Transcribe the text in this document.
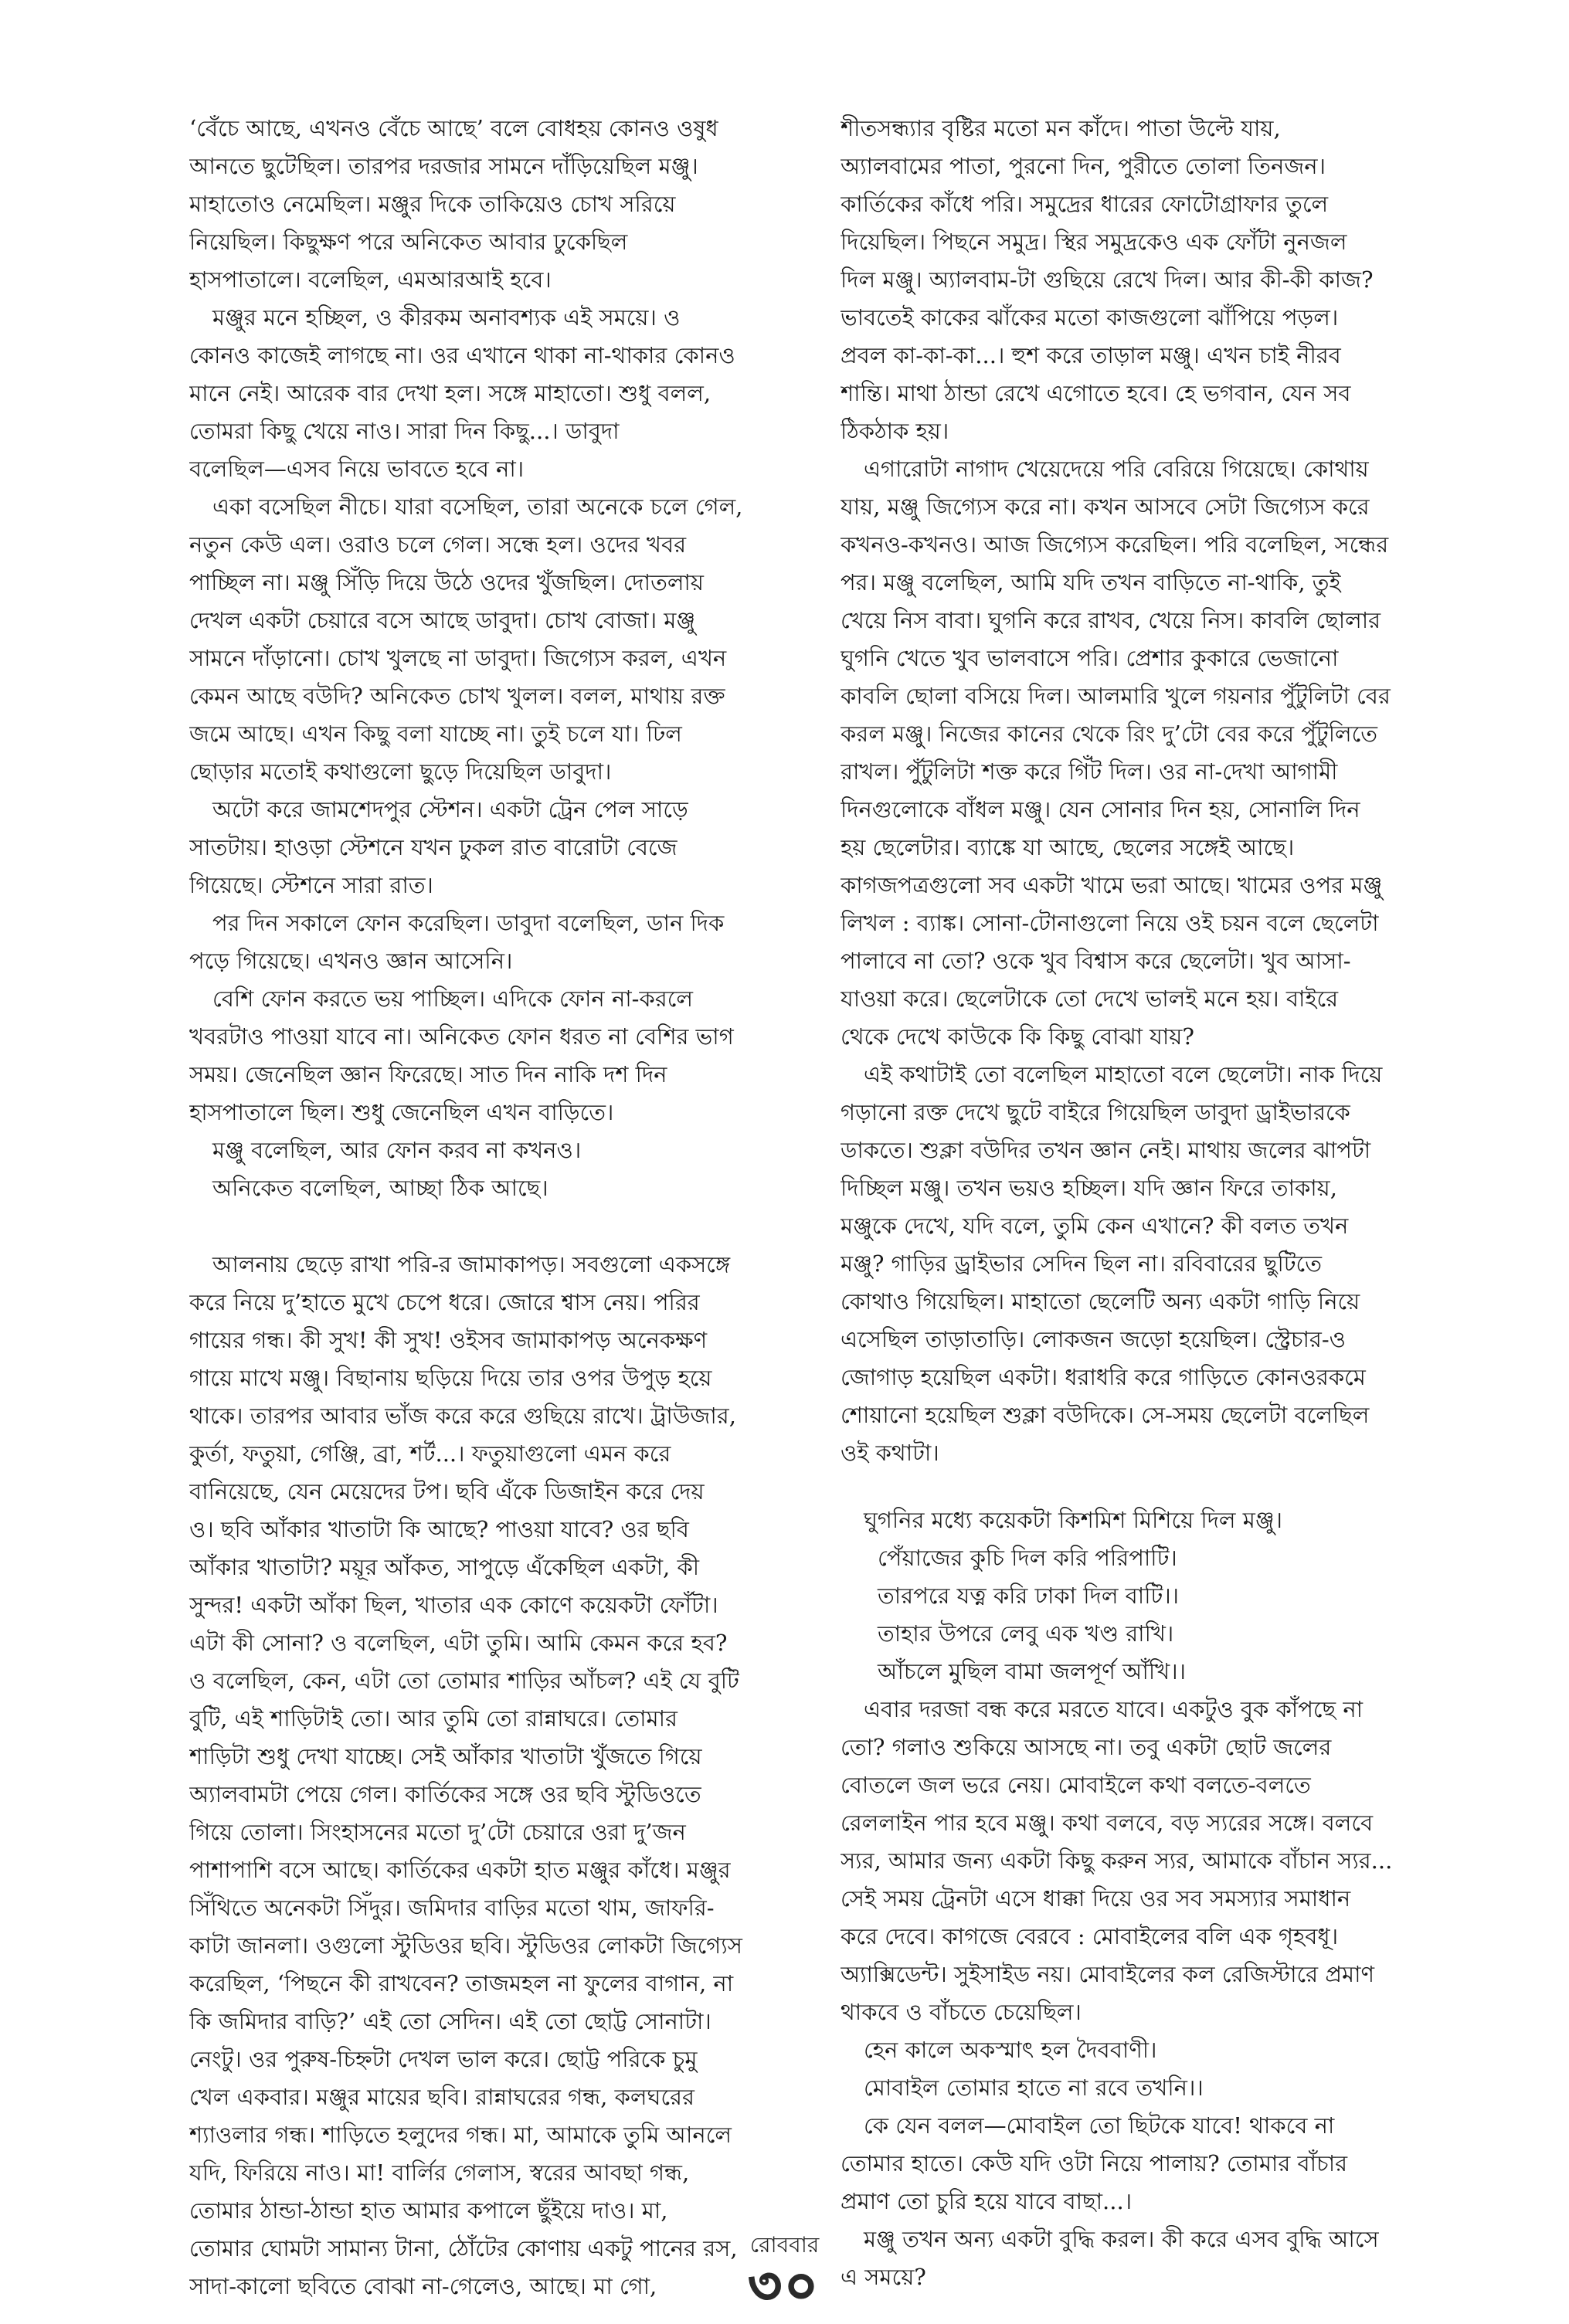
‘বেঁচে আছে, এখনও বেঁচে আছে’ বলে বোধহয় কোনও ওষুধ
আনতে ছুটেছিল। তারপর দরজার সামনে দাঁড়িয়েছিল মঞ্জু।
মাহাতোও নেমেছিল। মঞ্জুর দিকে তাকিয়েও চোখ সরিয়ে
নিয়েছিল। কিছুক্ষণ পরে অনিকেত আবার ঢুকেছিল
হাসপাতালে। বলেছিল, এমআরআই হবে।
মঞ্জুর মনে হচ্ছিল, ও কীরকম অনাবশ্যক এই সময়ে। ও
কোনও কাজেই লাগছে না। ওর এখানে থাকা না-থাকার কোনও
মানে নেই। আরেক বার দেখা হল। সঙ্গে মাহাতো। শুধু বলল,
তোমরা কিছু খেয়ে নাও। সারা দিন কিছু...। ডাবুদা
বলেছিল—এসব নিয়ে ভাবতে হবে না।
একা বসেছিল নীচে। যারা বসেছিল, তারা অনেকে চলে গেল,
নতুন কেউ এল। ওরাও চলে গেল। সন্ধে হল। ওদের খবর
পাচ্ছিল না। মঞ্জু সিঁড়ি দিয়ে উঠে ওদের খুঁজছিল। দোতলায়
দেখল একটা চেয়ারে বসে আছে ডাবুদা। চোখ বোজা। মঞ্জু
সামনে দাঁড়ানো। চোখ খুলছে না ডাবুদা। জিগ্যেস করল, এখন
কেমন আছে বউদি? অনিকেত চোখ খুলল। বলল, মাথায় রক্ত
জমে আছে। এখন কিছু বলা যাচ্ছে না। তুই চলে যা। ঢিল
ছোড়ার মতোই কথাগুলো ছুড়ে দিয়েছিল ডাবুদা।
অটো করে জামশেদপুর স্টেশন। একটা ট্রেন পেল সাড়ে
সাতটায়। হাওড়া স্টেশনে যখন ঢুকল রাত বারোটা বেজে
গিয়েছে। স্টেশনে সারা রাত।
পর দিন সকালে ফোন করেছিল। ডাবুদা বলেছিল, ডান দিক
পড়ে গিয়েছে। এখনও জ্ঞান আসেনি।
বেশি ফোন করতে ভয় পাচ্ছিল। এদিকে ফোন না-করলে
খবরটাও পাওয়া যাবে না। অনিকেত ফোন ধরত না বেশির ভাগ
সময়। জেনেছিল জ্ঞান ফিরেছে। সাত দিন নাকি দশ দিন
হাসপাতালে ছিল। শুধু জেনেছিল এখন বাড়িতে।
মঞ্জু বলেছিল, আর ফোন করব না কখনও।
অনিকেত বলেছিল, আচ্ছা ঠিক আছে।
আলনায় ছেড়ে রাখা পরি-র জামাকাপড়। সবগুলো একসঙ্গে
করে নিয়ে দু’হাতে মুখে চেপে ধরে। জোরে শ্বাস নেয়। পরির
গায়ের গন্ধ। কী সুখ! কী সুখ! ওইসব জামাকাপড় অনেকক্ষণ
গায়ে মাখে মঞ্জু। বিছানায় ছড়িয়ে দিয়ে তার ওপর উপুড় হয়ে
থাকে। তারপর আবার ভাঁজ করে করে গুছিয়ে রাখে। ট্রাউজার,
কুর্তা, ফতুয়া, গেঞ্জি, ব্রা, শর্ট...। ফতুয়াগুলো এমন করে
বানিয়েছে, যেন মেয়েদের টপ। ছবি এঁকে ডিজাইন করে দেয়
ও। ছবি আঁকার খাতাটা কি আছে? পাওয়া যাবে? ওর ছবি
আঁকার খাতাটা? ময়ূর আঁকত, সাপুড়ে এঁকেছিল একটা, কী
সুন্দর! একটা আঁকা ছিল, খাতার এক কোণে কয়েকটা ফোঁটা।
এটা কী সোনা? ও বলেছিল, এটা তুমি। আমি কেমন করে হব?
ও বলেছিল, কেন, এটা তো তোমার শাড়ির আঁচল? এই যে বুটি
বুটি, এই শাড়িটাই তো। আর তুমি তো রান্নাঘরে। তোমার
শাড়িটা শুধু দেখা যাচ্ছে। সেই আঁকার খাতাটা খুঁজতে গিয়ে
অ্যালবামটা পেয়ে গেল। কার্তিকের সঙ্গে ওর ছবি স্টুডিওতে
গিয়ে তোলা। সিংহাসনের মতো দু’টো চেয়ারে ওরা দু’জন
পাশাপাশি বসে আছে। কার্তিকের একটা হাত মঞ্জুর কাঁধে। মঞ্জুর
সিঁথিতে অনেকটা সিঁদুর। জমিদার বাড়ির মতো থাম, জাফরি-
কাটা জানলা। ওগুলো স্টুডিওর ছবি। স্টুডিওর লোকটা জিগ্যেস
করেছিল, ‘পিছনে কী রাখবেন? তাজমহল না ফুলের বাগান, না
কি জমিদার বাড়ি?’ এই তো সেদিন। এই তো ছোট্ট সোনাটা।
নেংটু। ওর পুরুষ-চিহ্নটা দেখল ভাল করে। ছোট্ট পরিকে চুমু
খেল একবার। মঞ্জুর মায়ের ছবি। রান্নাঘরের গন্ধ, কলঘরের
শ্যাওলার গন্ধ। শাড়িতে হলুদের গন্ধ। মা, আমাকে তুমি আনলে
যদি, ফিরিয়ে নাও। মা! বার্লির গেলাস, স্বরের আবছা গন্ধ,
তোমার ঠান্ডা-ঠান্ডা হাত আমার কপালে ছুঁইয়ে দাও। মা,
তোমার ঘোমটা সামান্য টানা, ঠোঁটের কোণায় একটু পানের রস,
সাদা-কালো ছবিতে বোঝা না-গেলেও, আছে। মা গো,
শীতসন্ধ্যার বৃষ্টির মতো মন কাঁদে। পাতা উল্টে যায়,
অ্যালবামের পাতা, পুরনো দিন, পুরীতে তোলা তিনজন।
কার্তিকের কাঁধে পরি। সমুদ্রের ধারের ফোটোগ্রাফার তুলে
দিয়েছিল। পিছনে সমুদ্র। স্থির সমুদ্রকেও এক ফোঁটা নুনজল
দিল মঞ্জু। অ্যালবাম-টা গুছিয়ে রেখে দিল। আর কী-কী কাজ?
ভাবতেই কাকের ঝাঁকের মতো কাজগুলো ঝাঁপিয়ে পড়ল।
প্রবল কা-কা-কা...। হুশ করে তাড়াল মঞ্জু। এখন চাই নীরব
শান্তি। মাথা ঠান্ডা রেখে এগোতে হবে। হে ভগবান, যেন সব
ঠিকঠাক হয়।
এগারোটা নাগাদ খেয়েদেয়ে পরি বেরিয়ে গিয়েছে। কোথায়
যায়, মঞ্জু জিগ্যেস করে না। কখন আসবে সেটা জিগ্যেস করে
কখনও-কখনও। আজ জিগ্যেস করেছিল। পরি বলেছিল, সন্ধের
পর। মঞ্জু বলেছিল, আমি যদি তখন বাড়িতে না-থাকি, তুই
খেয়ে নিস বাবা। ঘুগনি করে রাখব, খেয়ে নিস। কাবলি ছোলার
ঘুগনি খেতে খুব ভালবাসে পরি। প্রেশার কুকারে ভেজানো
কাবলি ছোলা বসিয়ে দিল। আলমারি খুলে গয়নার পুঁটুলিটা বের
করল মঞ্জু। নিজের কানের থেকে রিং দু’টো বের করে পুঁটুলিতে
রাখল। পুঁটুলিটা শক্ত করে গিঁট দিল। ওর না-দেখা আগামী
দিনগুলোকে বাঁধল মঞ্জু। যেন সোনার দিন হয়, সোনালি দিন
হয় ছেলেটার। ব্যাঙ্কে যা আছে, ছেলের সঙ্গেই আছে।
কাগজপত্রগুলো সব একটা খামে ভরা আছে। খামের ওপর মঞ্জু
লিখল : ব্যাঙ্ক। সোনা-টোনাগুলো নিয়ে ওই চয়ন বলে ছেলেটা
পালাবে না তো? ওকে খুব বিশ্বাস করে ছেলেটা। খুব আসা-
যাওয়া করে। ছেলেটাকে তো দেখে ভালই মনে হয়। বাইরে
থেকে দেখে কাউকে কি কিছু বোঝা যায়?
এই কথাটাই তো বলেছিল মাহাতো বলে ছেলেটা। নাক দিয়ে
গড়ানো রক্ত দেখে ছুটে বাইরে গিয়েছিল ডাবুদা ড্রাইভারকে
ডাকতে। শুক্লা বউদির তখন জ্ঞান নেই। মাথায় জলের ঝাপটা
দিচ্ছিল মঞ্জু। তখন ভয়ও হচ্ছিল। যদি জ্ঞান ফিরে তাকায়,
মঞ্জুকে দেখে, যদি বলে, তুমি কেন এখানে? কী বলত তখন
মঞ্জু? গাড়ির ড্রাইভার সেদিন ছিল না। রবিবারের ছুটিতে
কোথাও গিয়েছিল। মাহাতো ছেলেটি অন্য একটা গাড়ি নিয়ে
এসেছিল তাড়াতাড়ি। লোকজন জড়ো হয়েছিল। স্ট্রেচার-ও
জোগাড় হয়েছিল একটা। ধরাধরি করে গাড়িতে কোনওরকমে
শোয়ানো হয়েছিল শুক্লা বউদিকে। সে-সময় ছেলেটা বলেছিল
ওই কথাটা।
ঘুগনির মধ্যে কয়েকটা কিশমিশ মিশিয়ে দিল মঞ্জু।
পেঁয়াজের কুচি দিল করি পরিপাটি।
তারপরে যত্ন করি ঢাকা দিল বাটি।।
তাহার উপরে লেবু এক খণ্ড রাখি।
আঁচলে মুছিল বামা জলপূর্ণ আঁখি।।
এবার দরজা বন্ধ করে মরতে যাবে। একটুও বুক কাঁপছে না
তো? গলাও শুকিয়ে আসছে না। তবু একটা ছোট জলের
বোতলে জল ভরে নেয়। মোবাইলে কথা বলতে-বলতে
রেললাইন পার হবে মঞ্জু। কথা বলবে, বড় স্যরের সঙ্গে। বলবে
স্যর, আমার জন্য একটা কিছু করুন স্যর, আমাকে বাঁচান স্যর...
সেই সময় ট্রেনটা এসে ধাক্কা দিয়ে ওর সব সমস্যার সমাধান
করে দেবে। কাগজে বেরবে : মোবাইলের বলি এক গৃহবধূ।
অ্যাক্সিডেন্ট। সুইসাইড নয়। মোবাইলের কল রেজিস্টারে প্রমাণ
থাকবে ও বাঁচতে চেয়েছিল।
হেন কালে অকস্মাৎ হল দৈববাণী।
মোবাইল তোমার হাতে না রবে তখনি।।
কে যেন বলল—মোবাইল তো ছিটকে যাবে! থাকবে না
তোমার হাতে। কেউ যদি ওটা নিয়ে পালায়? তোমার বাঁচার
প্রমাণ তো চুরি হয়ে যাবে বাছা...।
মঞ্জু তখন অন্য একটা বুদ্ধি করল। কী করে এসব বুদ্ধি আসে
এ সময়ে?
রোববার
৩০
